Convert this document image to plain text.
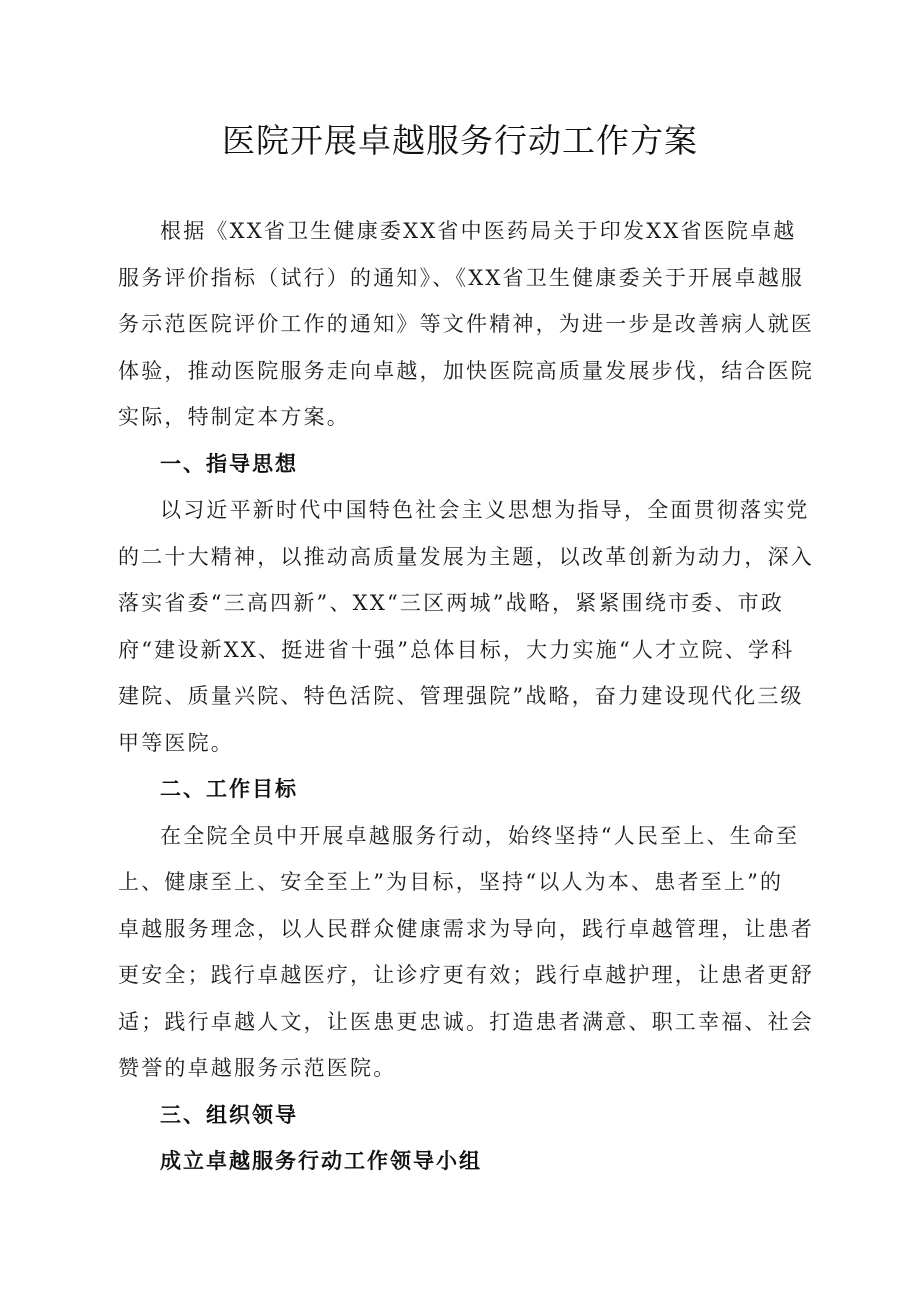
医院开展卓越服务行动工作方案
根据《XX省卫生健康委XX省中医药局关于印发XX省医院卓越
服务评价指标（试行）的通知》、《XX省卫生健康委关于开展卓越服
务示范医院评价工作的通知》等文件精神，为进一步是改善病人就医
体验，推动医院服务走向卓越，加快医院高质量发展步伐，结合医院
实际，特制定本方案。
一、指导思想
以习近平新时代中国特色社会主义思想为指导，全面贯彻落实党
的二十大精神，以推动高质量发展为主题，以改革创新为动力，深入
落实省委“三高四新”、XX“三区两城”战略，紧紧围绕市委、市政
府“建设新XX、挺进省十强”总体目标，大力实施“人才立院、学科
建院、质量兴院、特色活院、管理强院”战略，奋力建设现代化三级
甲等医院。
二、工作目标
在全院全员中开展卓越服务行动，始终坚持“人民至上、生命至
上、健康至上、安全至上”为目标，坚持“以人为本、患者至上”的
卓越服务理念，以人民群众健康需求为导向，践行卓越管理，让患者
更安全；践行卓越医疗，让诊疗更有效；践行卓越护理，让患者更舒
适；践行卓越人文，让医患更忠诚。打造患者满意、职工幸福、社会
赞誉的卓越服务示范医院。
三、组织领导
成立卓越服务行动工作领导小组
